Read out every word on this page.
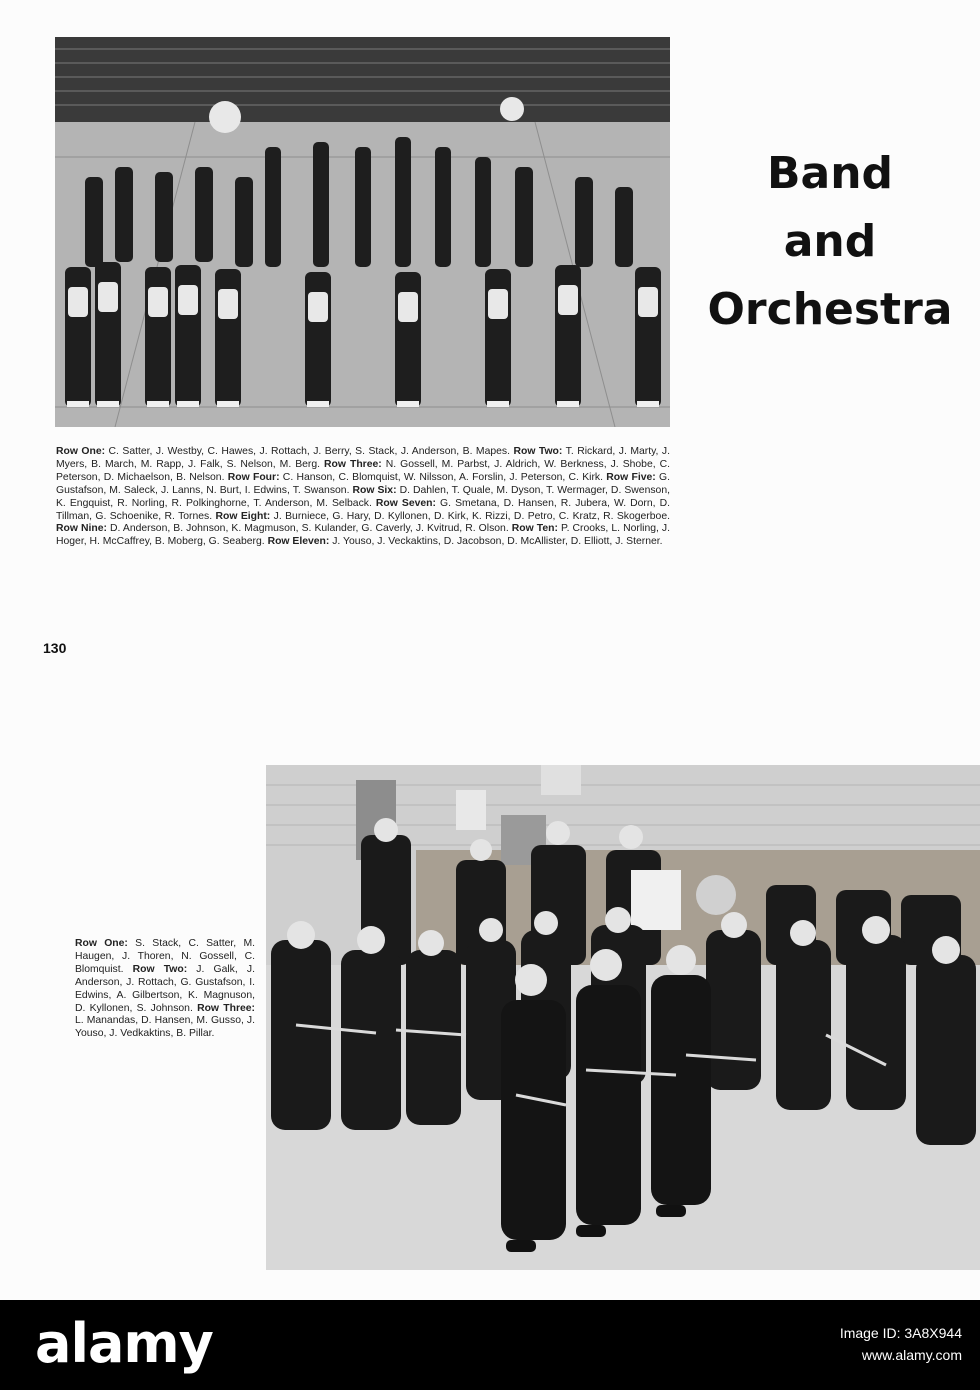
Band
and
Orchestra
Row One: C. Satter, J. Westby, C. Hawes, J. Rottach, J. Berry, S. Stack, J. Anderson, B. Mapes. Row Two: T. Rickard, J. Marty, J. Myers, B. March, M. Rapp, J. Falk, S. Nelson, M. Berg. Row Three: N. Gossell, M. Parbst, J. Aldrich, W. Berkness, J. Shobe, C. Peterson, D. Michaelson, B. Nelson. Row Four: C. Hanson, C. Blomquist, W. Nilsson, A. Forslin, J. Peterson, C. Kirk. Row Five: G. Gustafson, M. Saleck, J. Lanns, N. Burt, I. Edwins, T. Swanson. Row Six: D. Dahlen, T. Quale, M. Dyson, T. Wermager, D. Swenson, K. Engquist, R. Norling, R. Polkinghorne, T. Anderson, M. Selback. Row Seven: G. Smetana, D. Hansen, R. Jubera, W. Dorn, D. Tillman, G. Schoenike, R. Tornes. Row Eight: J. Burniece, G. Hary, D. Kyllonen, D. Kirk, K. Rizzi, D. Petro, C. Kratz, R. Skogerboe. Row Nine: D. Anderson, B. Johnson, K. Magmuson, S. Kulander, G. Caverly, J. Kvitrud, R. Olson. Row Ten: P. Crooks, L. Norling, J. Hoger, H. McCaffrey, B. Moberg, G. Seaberg. Row Eleven: J. Youso, J. Veckaktins, D. Jacobson, D. McAllister, D. Elliott, J. Sterner.
130
Row One: S. Stack, C. Satter, M. Haugen, J. Thoren, N. Gossell, C. Blomquist. Row Two: J. Galk, J. Anderson, J. Rottach, G. Gustafson, I. Edwins, A. Gilbertson, K. Magnuson, D. Kyllonen, S. Johnson. Row Three: L. Manandas, D. Hansen, M. Gusso, J. Youso, J. Vedkaktins, B. Pillar.
alamy	Image ID: 3A8X944
www.alamy.com
